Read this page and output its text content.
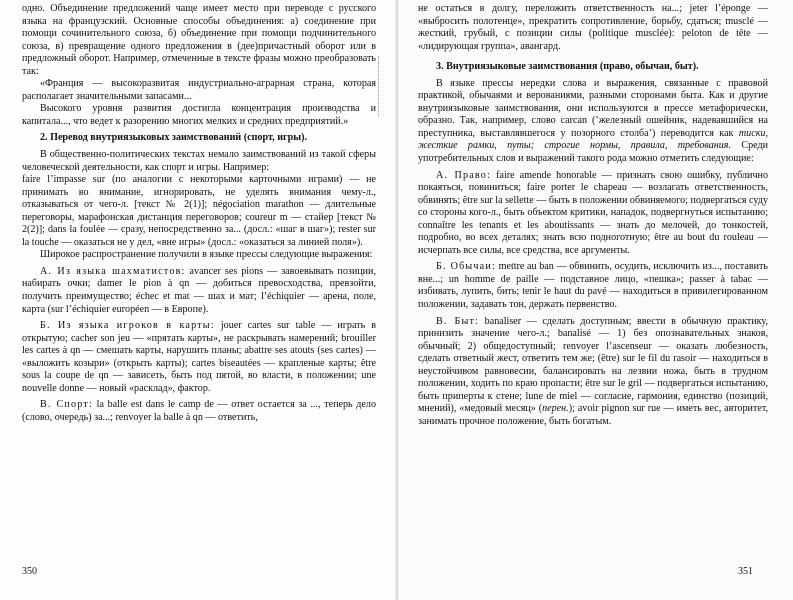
одно. Объединение предложений чаще имеет место при переводе с русского языка на французский. Основные способы объединения: а) соединение при помощи сочинительного союза, б) объединение при помощи подчинительного союза, в) превращение одного предложения в (дее)причастный оборот или в предложный оборот. Например, отмеченные в тексте фразы можно преобразовать так:

«Франция — высокоразвитая индустриально-аграрная страна, которая располагает значительными запасами...

Высокого уровня развития достигла концентрация производства и капитала..., что ведет к разорению многих мелких и средних предприятий.»

2. Перевод внутриязыковых заимствований (спорт, игры).

В общественно-политических текстах немало заимствований из такой сферы человеческой деятельности, как спорт и игры. Например:

faire l’impasse sur (по аналогии с некоторыми карточными играми) — не принимать во внимание, игнорировать, не уделять внимания чему-л., отказываться от чего-л. [текст № 2(1)]; négociation marathon — длительные переговоры, марафонская дистанция переговоров; coureur m — стайер [текст № 2(2)]; dans la foulée — сразу, непосредственно за... (досл.: «шаг в шаг»); rester sur la touche — оказаться не у дел, «вне игры» (досл.: «оказаться за линией поля»).

Широкое распространение получили в языке прессы следующие выражения:

А. Из языка шахматистов: avancer ses pions — завоевывать позиции, набирать очки; damer le pion à qn — добиться превосходства, превзойти, получить преимущество; échec et mat — шах и мат; l’échiquier — арена, поле, карта (sur l’échiquier européen — в Европе).

Б. Из языка игроков в карты: jouer cartes sur table — играть в открытую; cacher son jeu — «прятать карты», не раскрывать намерений; brouiller les cartes à qn — смешать карты, нарушить планы; abattre ses atouts (ses cartes) — «выложить козыри» (открыть карты); cartes biseautées — крапленые карты; être sous la coupe de qn — зависеть, быть под пятой, во власти, в положении; une nouvelle donne — новый «расклад», фактор.

В. Спорт: la balle est dans le camp de — ответ остается за ..., теперь дело (слово, очередь) за...; renvoyer la balle à qn — ответить,

350

не остаться в долгу, переложить ответственность на...; jeter l’éponge — «выбросить полотенце», прекратить сопротивление, борьбу, сдаться; musclé — жесткий, грубый, с позиции силы (politique musclée): peloton de tête — «лидирующая группа», авангард.

3. Внутриязыковые заимствования (право, обычаи, быт).

В языке прессы нередки слова и выражения, связанные с правовой практикой, обычаями и верованиями, разными сторонами быта. Как и другие внутриязыковые заимствования, они используются в прессе метафорически, образно. Так, например, слово carcan (’железный ошейник, надевавшийся на преступника, выставлявшегося у позорного столба’) переводится как тиски, жесткие рамки, путы; строгие нормы, правила, требования. Среди употребительных слов и выражений такого рода можно отметить следующие:

А. Право: faire amende honorable — признать свою ошибку, публично покаяться, повиниться; faire porter le chapeau — возлагать ответственность, обвинять; être sur la sellette — быть в положении обвиняемого; подвергаться суду со стороны кого-л., быть объектом критики, нападок, подвергнуться испытанию; connaître les tenants et les aboutissants — знать до мелочей, до тонкостей, подробно, во всех деталях; знать всю подноготную; être au bout du rouleau — исчерпать все силы, все средства, все аргументы.

Б. Обычаи: mettre au ban — обвинить, осудить, исключить из..., поставить вне...; un homme de paille — подставное лицо, «пешка»; passer à tabac — избивать, лупить, бить; tenir le haut du pavé — находиться в привилегированном положении, задавать тон, держать первенство.

В. Быт: banaliser — сделать доступным; ввести в обычную практику, принизить значение чего-л.; banalisé — 1) без опознавательных знаков, обычный; 2) общедоступный; renvoyer l’ascenseur — оказать любезность, сделать ответный жест, ответить тем же; (être) sur le fil du rasoir — находиться в неустойчивом равновесии, балансировать на лезвии ножа, быть в трудном положении, ходить по краю пропасти; être sur le gril — подвергаться испытанию, быть приперты к стене; lune de miel — согласие, гармония, единство (позиций, мнений), «медовый месяц» (перен.); avoir pignon sur rue — иметь вес, авторитет, занимать прочное положение, быть богатым.

351
